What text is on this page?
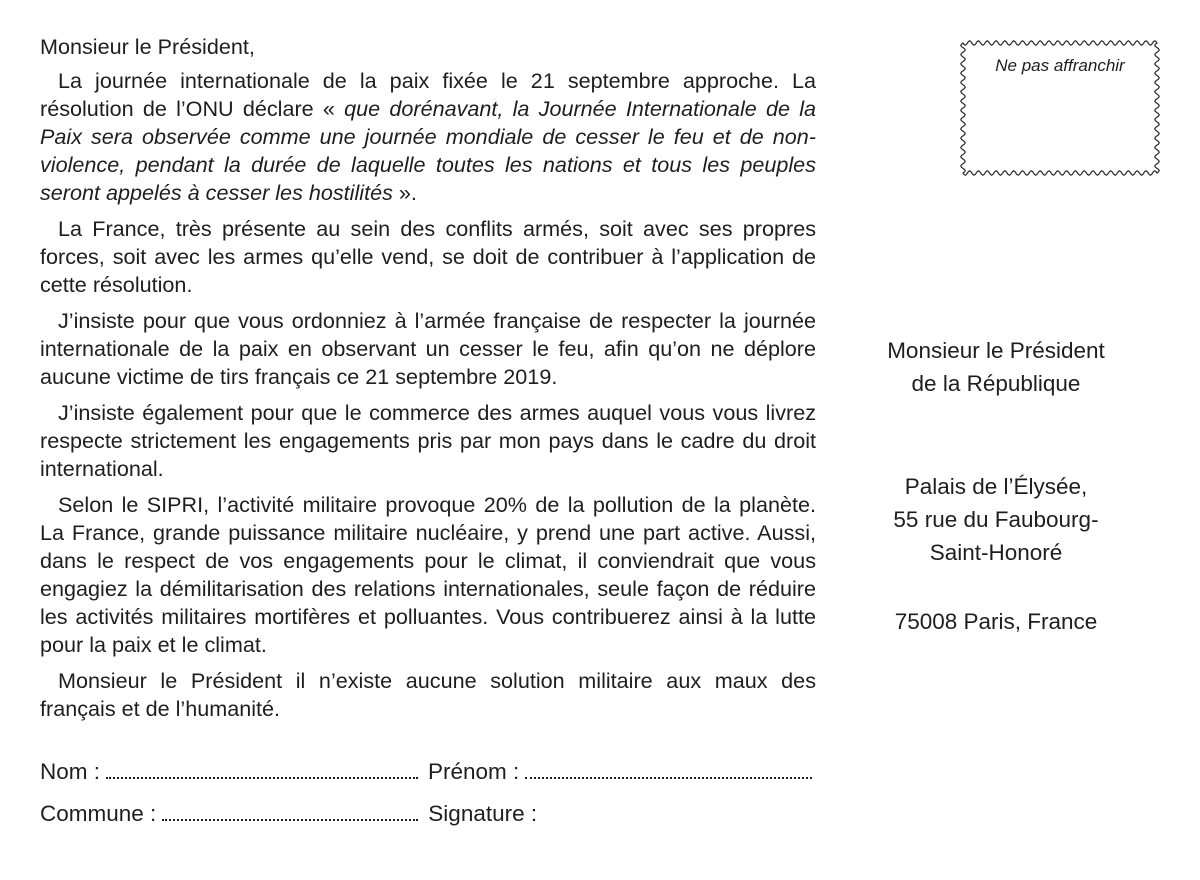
Monsieur le Président,

La journée internationale de la paix fixée le 21 septembre approche. La résolution de l’ONU déclare « que dorénavant, la Journée Internationale de la Paix sera observée comme une journée mondiale de cesser le feu et de non-violence, pendant la durée de laquelle toutes les nations et tous les peuples seront appelés à cesser les hostilités ».

La France, très présente au sein des conflits armés, soit avec ses propres forces, soit avec les armes qu’elle vend, se doit de contribuer à l’application de cette résolution.

J’insiste pour que vous ordonniez à l’armée française de respecter la journée internationale de la paix en observant un cesser le feu, afin qu’on ne déplore aucune victime de tirs français ce 21 septembre 2019.

J’insiste également pour que le commerce des armes auquel vous vous livrez respecte strictement les engagements pris par mon pays dans le cadre du droit international.

Selon le SIPRI, l’activité militaire provoque 20% de la pollution de la planète. La France, grande puissance militaire nucléaire, y prend une part active. Aussi, dans le respect de vos engagements pour le climat, il conviendrait que vous engagiez la démilitarisation des relations internationales, seule façon de réduire les activités militaires mortifères et polluantes. Vous contribuerez ainsi à la lutte pour la paix et le climat.

Monsieur le Président il n’existe aucune solution militaire aux maux des français et de l’humanité.

Nom :	Prénom :
Commune :	Signature :
Ne pas affranchir
Monsieur le Président
de la République
Palais de l’Élysée,
55 rue du Faubourg-
Saint-Honoré
75008 Paris, France
